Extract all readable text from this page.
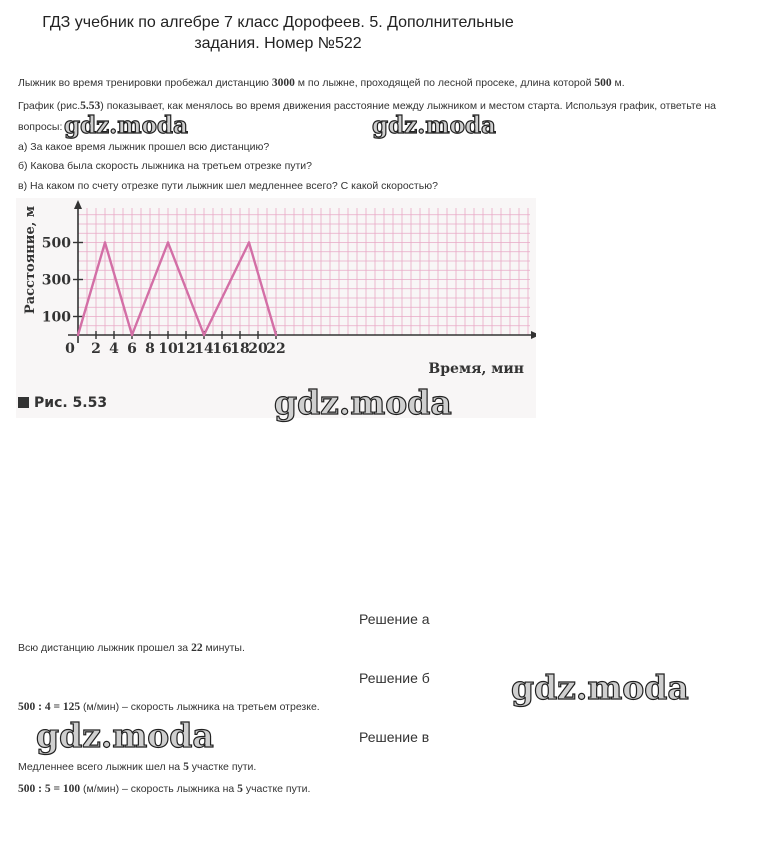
ГДЗ учебник по алгебре 7 класс Дорофеев. 5. Дополнительные задания. Номер №522
Лыжник во время тренировки пробежал дистанцию 3000 м по лыжне, проходящей по лесной просеке, длина которой 500 м.
График (рис.5.53) показывает, как менялось во время движения расстояние между лыжником и местом старта. Используя график, ответьте на
вопросы:
а) За какое время лыжник прошел всю дистанцию?
б) Какова была скорость лыжника на третьем отрезке пути?
в) На каком по счету отрезке пути лыжник шел медленнее всего? С какой скоростью?
0 2 4 6 8 10
12
14
16
18
20
22
100
300
500
Время, мин
Расстояние, м
Рис. 5.53
Решение а
Всю дистанцию лыжник прошел за 22 минуты.
Решение б
500 : 4 = 125 (м/мин) – скорость лыжника на третьем отрезке.
Решение в
Медленнее всего лыжник шел на 5 участке пути.
500 : 5 = 100 (м/мин) – скорость лыжника на 5 участке пути.
gdz.moda	gdz.moda
gdz.moda
gdz.moda
gdz.moda
